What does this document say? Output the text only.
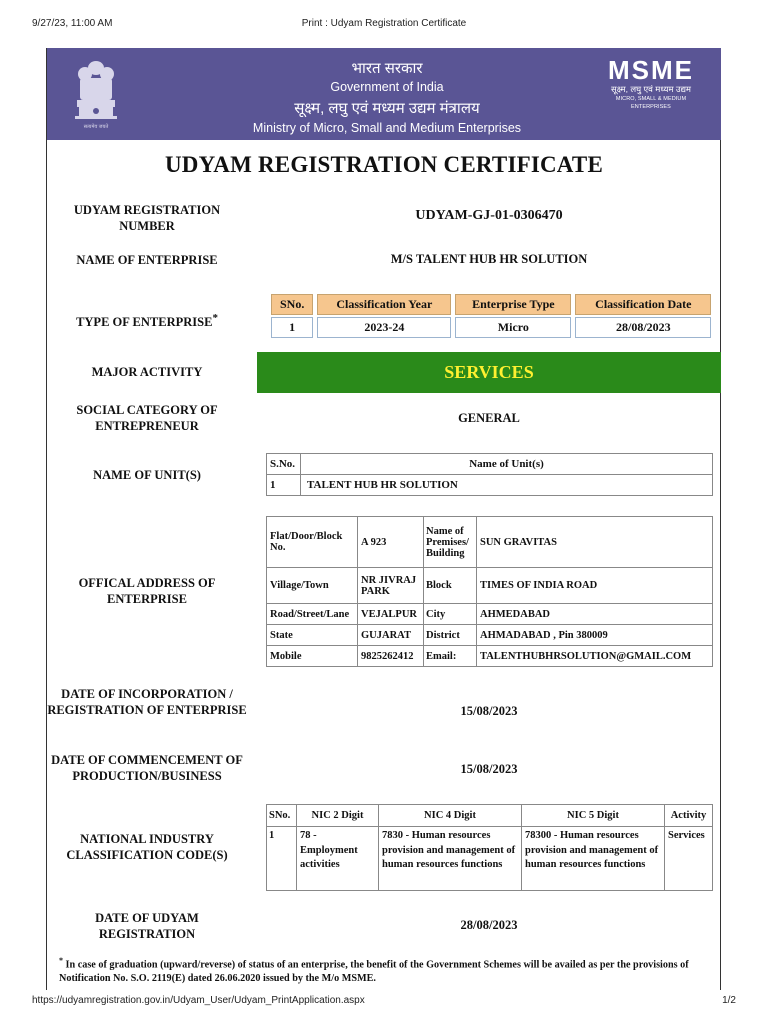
9/27/23, 11:00 AM	Print : Udyam Registration Certificate
सत्यमेव जयते
भारत सरकार
Government of India
सूक्ष्म, लघु एवं मध्यम उद्यम मंत्रालय
Ministry of Micro, Small and Medium Enterprises
MSME
सूक्ष्म, लघु एवं मध्यम उद्यम
MICRO, SMALL & MEDIUM ENTERPRISES
UDYAM REGISTRATION CERTIFICATE
UDYAM REGISTRATION NUMBER
UDYAM-GJ-01-0306470
NAME OF ENTERPRISE	M/S TALENT HUB HR SOLUTION
TYPE OF ENTERPRISE*
SNo.	Classification Year	Enterprise Type	Classification Date
1	2023-24	Micro	28/08/2023
MAJOR ACTIVITY	SERVICES
SOCIAL CATEGORY OF ENTREPRENEUR
GENERAL
NAME OF UNIT(S)
S.No.	Name of Unit(s)
1	TALENT HUB HR SOLUTION
OFFICAL ADDRESS OF ENTERPRISE
Flat/Door/Block No.	A 923	Name of Premises/ Building	SUN GRAVITAS
Village/Town	NR JIVRAJ PARK	Block	TIMES OF INDIA ROAD
Road/Street/Lane	VEJALPUR	City	AHMEDABAD
State	GUJARAT	District	AHMADABAD , Pin 380009
Mobile	9825262412	Email:	TALENTHUBHRSOLUTION@GMAIL.COM
DATE OF INCORPORATION / REGISTRATION OF ENTERPRISE	15/08/2023
DATE OF COMMENCEMENT OF PRODUCTION/BUSINESS	15/08/2023
NATIONAL INDUSTRY CLASSIFICATION CODE(S)
SNo.	NIC 2 Digit	NIC 4 Digit	NIC 5 Digit	Activity
1	78 - Employment activities	7830 - Human resources provision and management of human resources functions	78300 - Human resources provision and management of human resources functions	Services
DATE OF UDYAM REGISTRATION
28/08/2023
* In case of graduation (upward/reverse) of status of an enterprise, the benefit of the Government Schemes will be availed as per the provisions of Notification No. S.O. 2119(E) dated 26.06.2020 issued by the M/o MSME.
https://udyamregistration.gov.in/Udyam_User/Udyam_PrintApplication.aspx	1/2
